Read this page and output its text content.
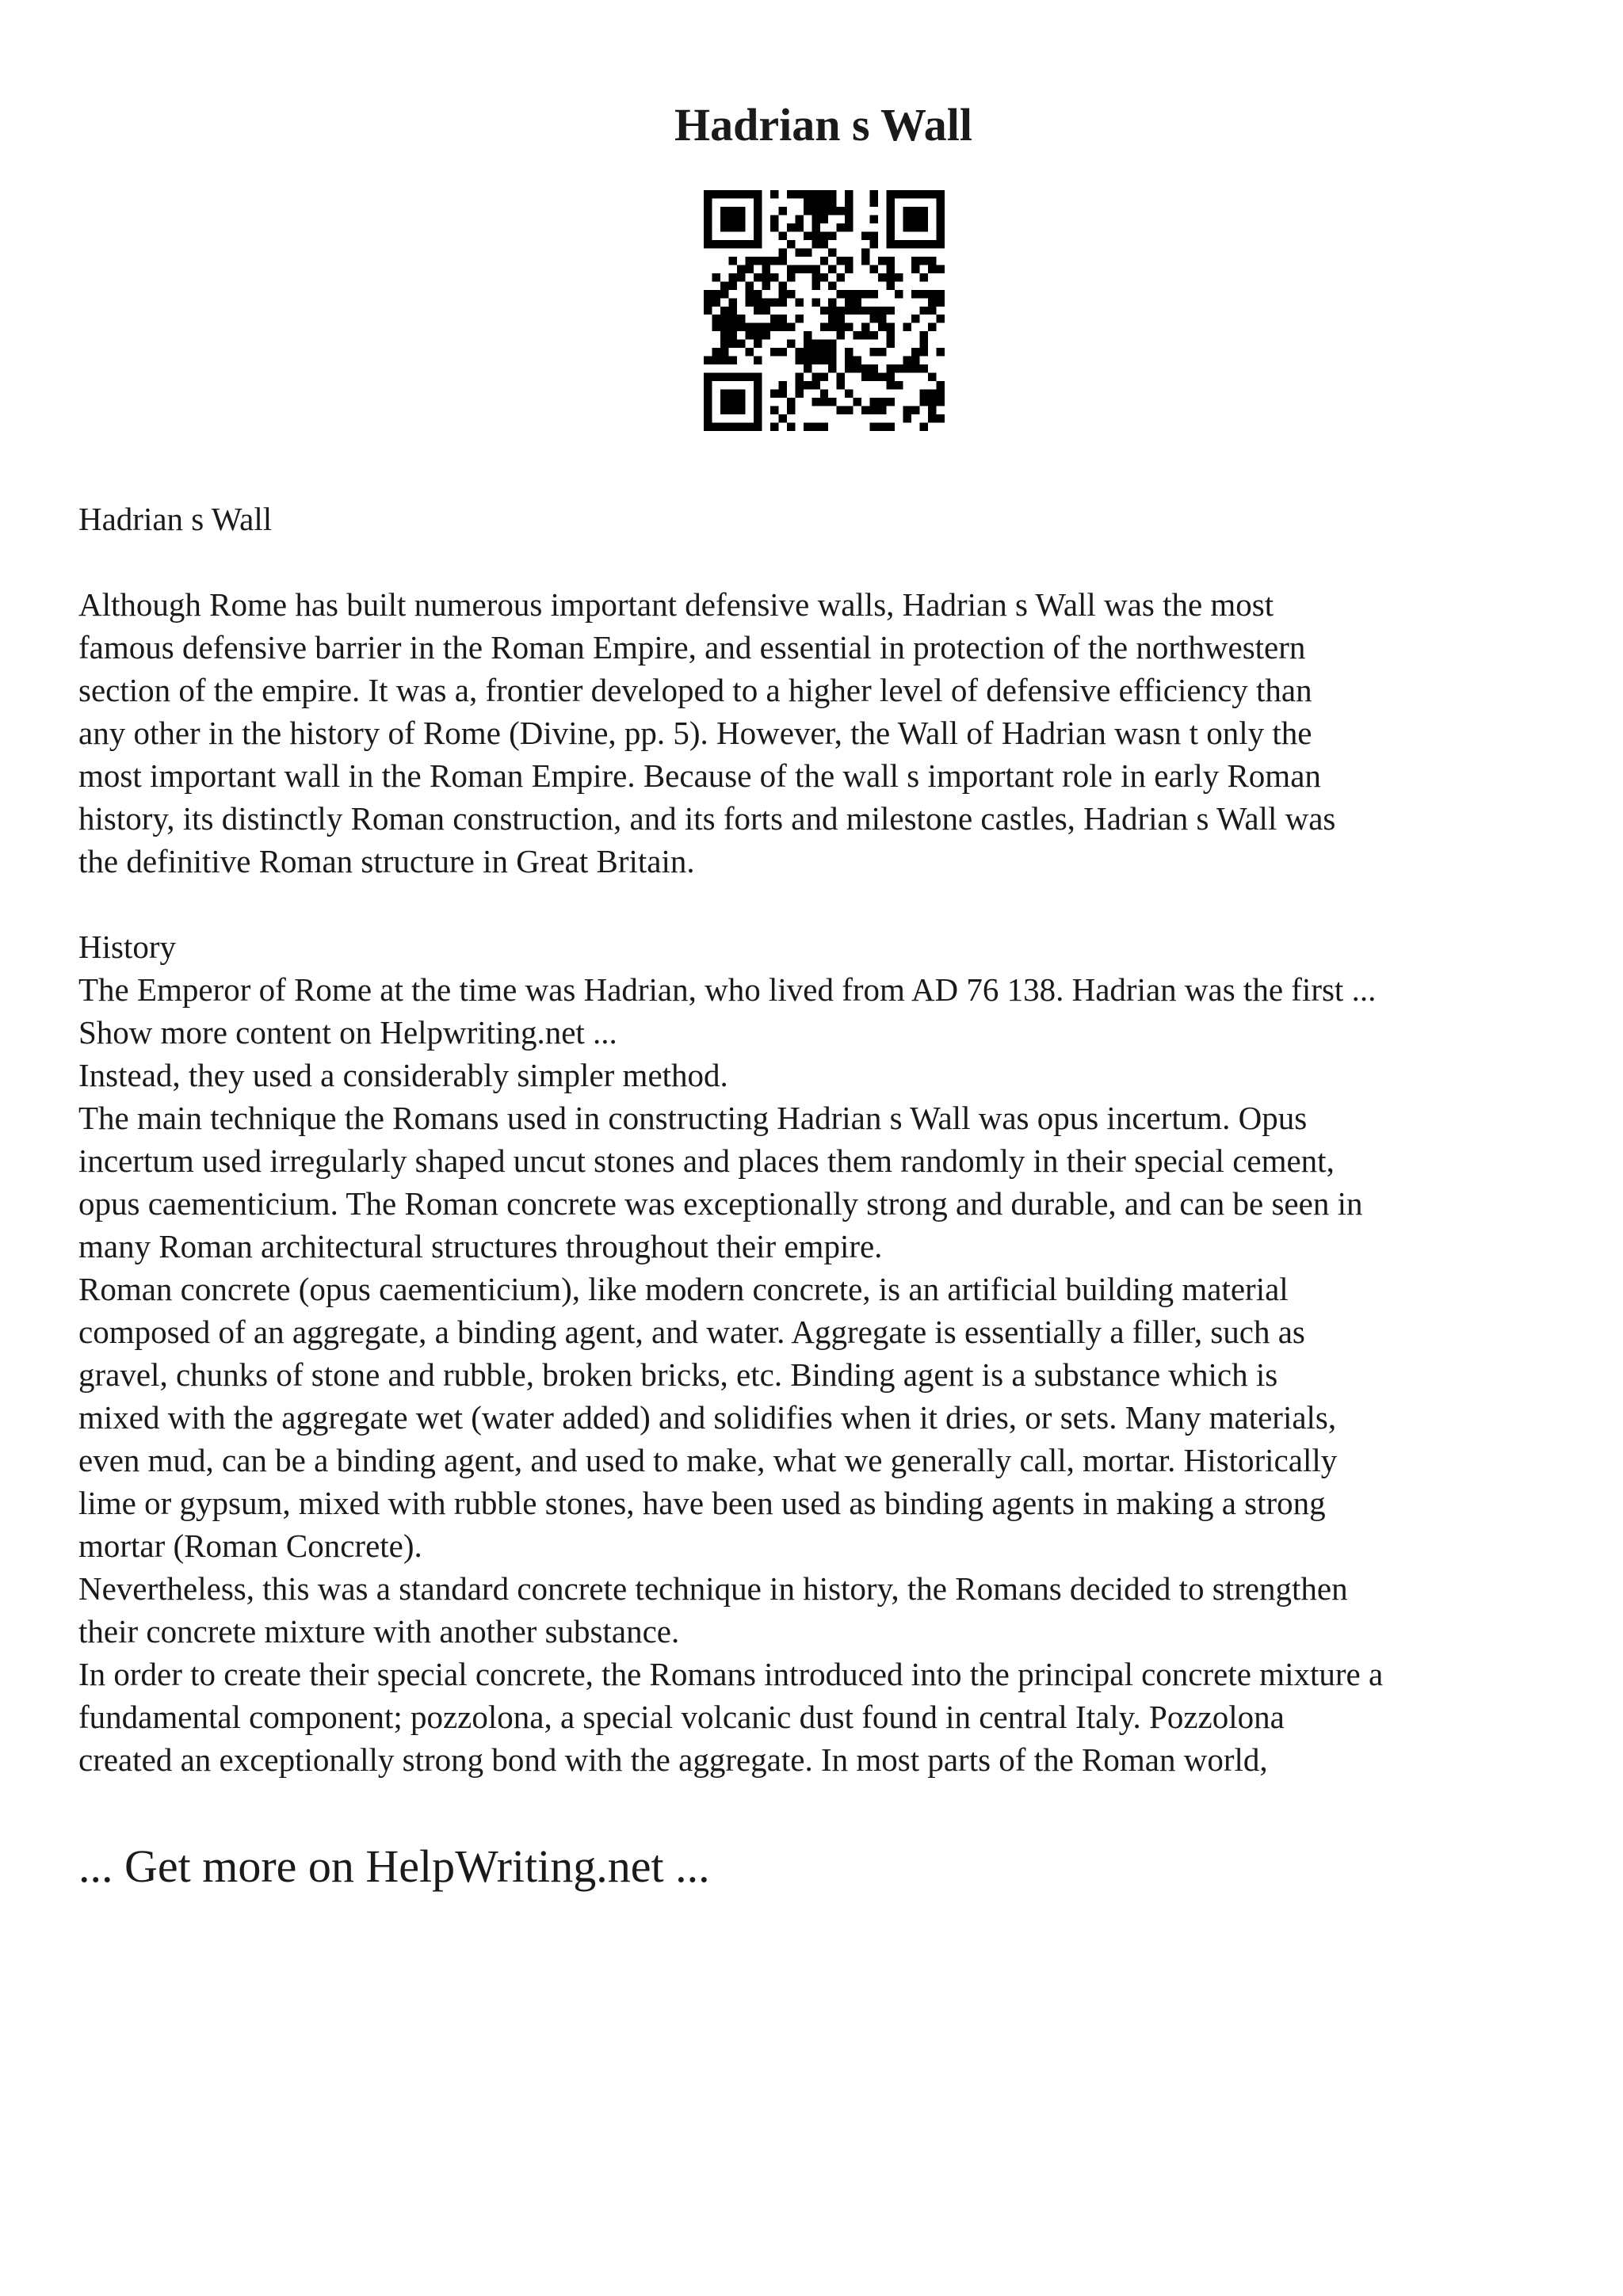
Hadrian s Wall

Hadrian s Wall

Although Rome has built numerous important defensive walls, Hadrian s Wall was the most

famous defensive barrier in the Roman Empire, and essential in protection of the northwestern

section of the empire. It was a, frontier developed to a higher level of defensive efficiency than

any other in the history of Rome (Divine, pp. 5). However, the Wall of Hadrian wasn t only the

most important wall in the Roman Empire. Because of the wall s important role in early Roman

history, its distinctly Roman construction, and its forts and milestone castles, Hadrian s Wall was

the definitive Roman structure in Great Britain.

History

The Emperor of Rome at the time was Hadrian, who lived from AD 76 138. Hadrian was the first ...

Show more content on Helpwriting.net ...

Instead, they used a considerably simpler method.

The main technique the Romans used in constructing Hadrian s Wall was opus incertum. Opus

incertum used irregularly shaped uncut stones and places them randomly in their special cement,

opus caementicium. The Roman concrete was exceptionally strong and durable, and can be seen in

many Roman architectural structures throughout their empire.

Roman concrete (opus caementicium), like modern concrete, is an artificial building material

composed of an aggregate, a binding agent, and water. Aggregate is essentially a filler, such as

gravel, chunks of stone and rubble, broken bricks, etc. Binding agent is a substance which is

mixed with the aggregate wet (water added) and solidifies when it dries, or sets. Many materials,

even mud, can be a binding agent, and used to make, what we generally call, mortar. Historically

lime or gypsum, mixed with rubble stones, have been used as binding agents in making a strong

mortar (Roman Concrete).

Nevertheless, this was a standard concrete technique in history, the Romans decided to strengthen

their concrete mixture with another substance.

In order to create their special concrete, the Romans introduced into the principal concrete mixture a

fundamental component; pozzolona, a special volcanic dust found in central Italy. Pozzolona

created an exceptionally strong bond with the aggregate. In most parts of the Roman world,

... Get more on HelpWriting.net ...
